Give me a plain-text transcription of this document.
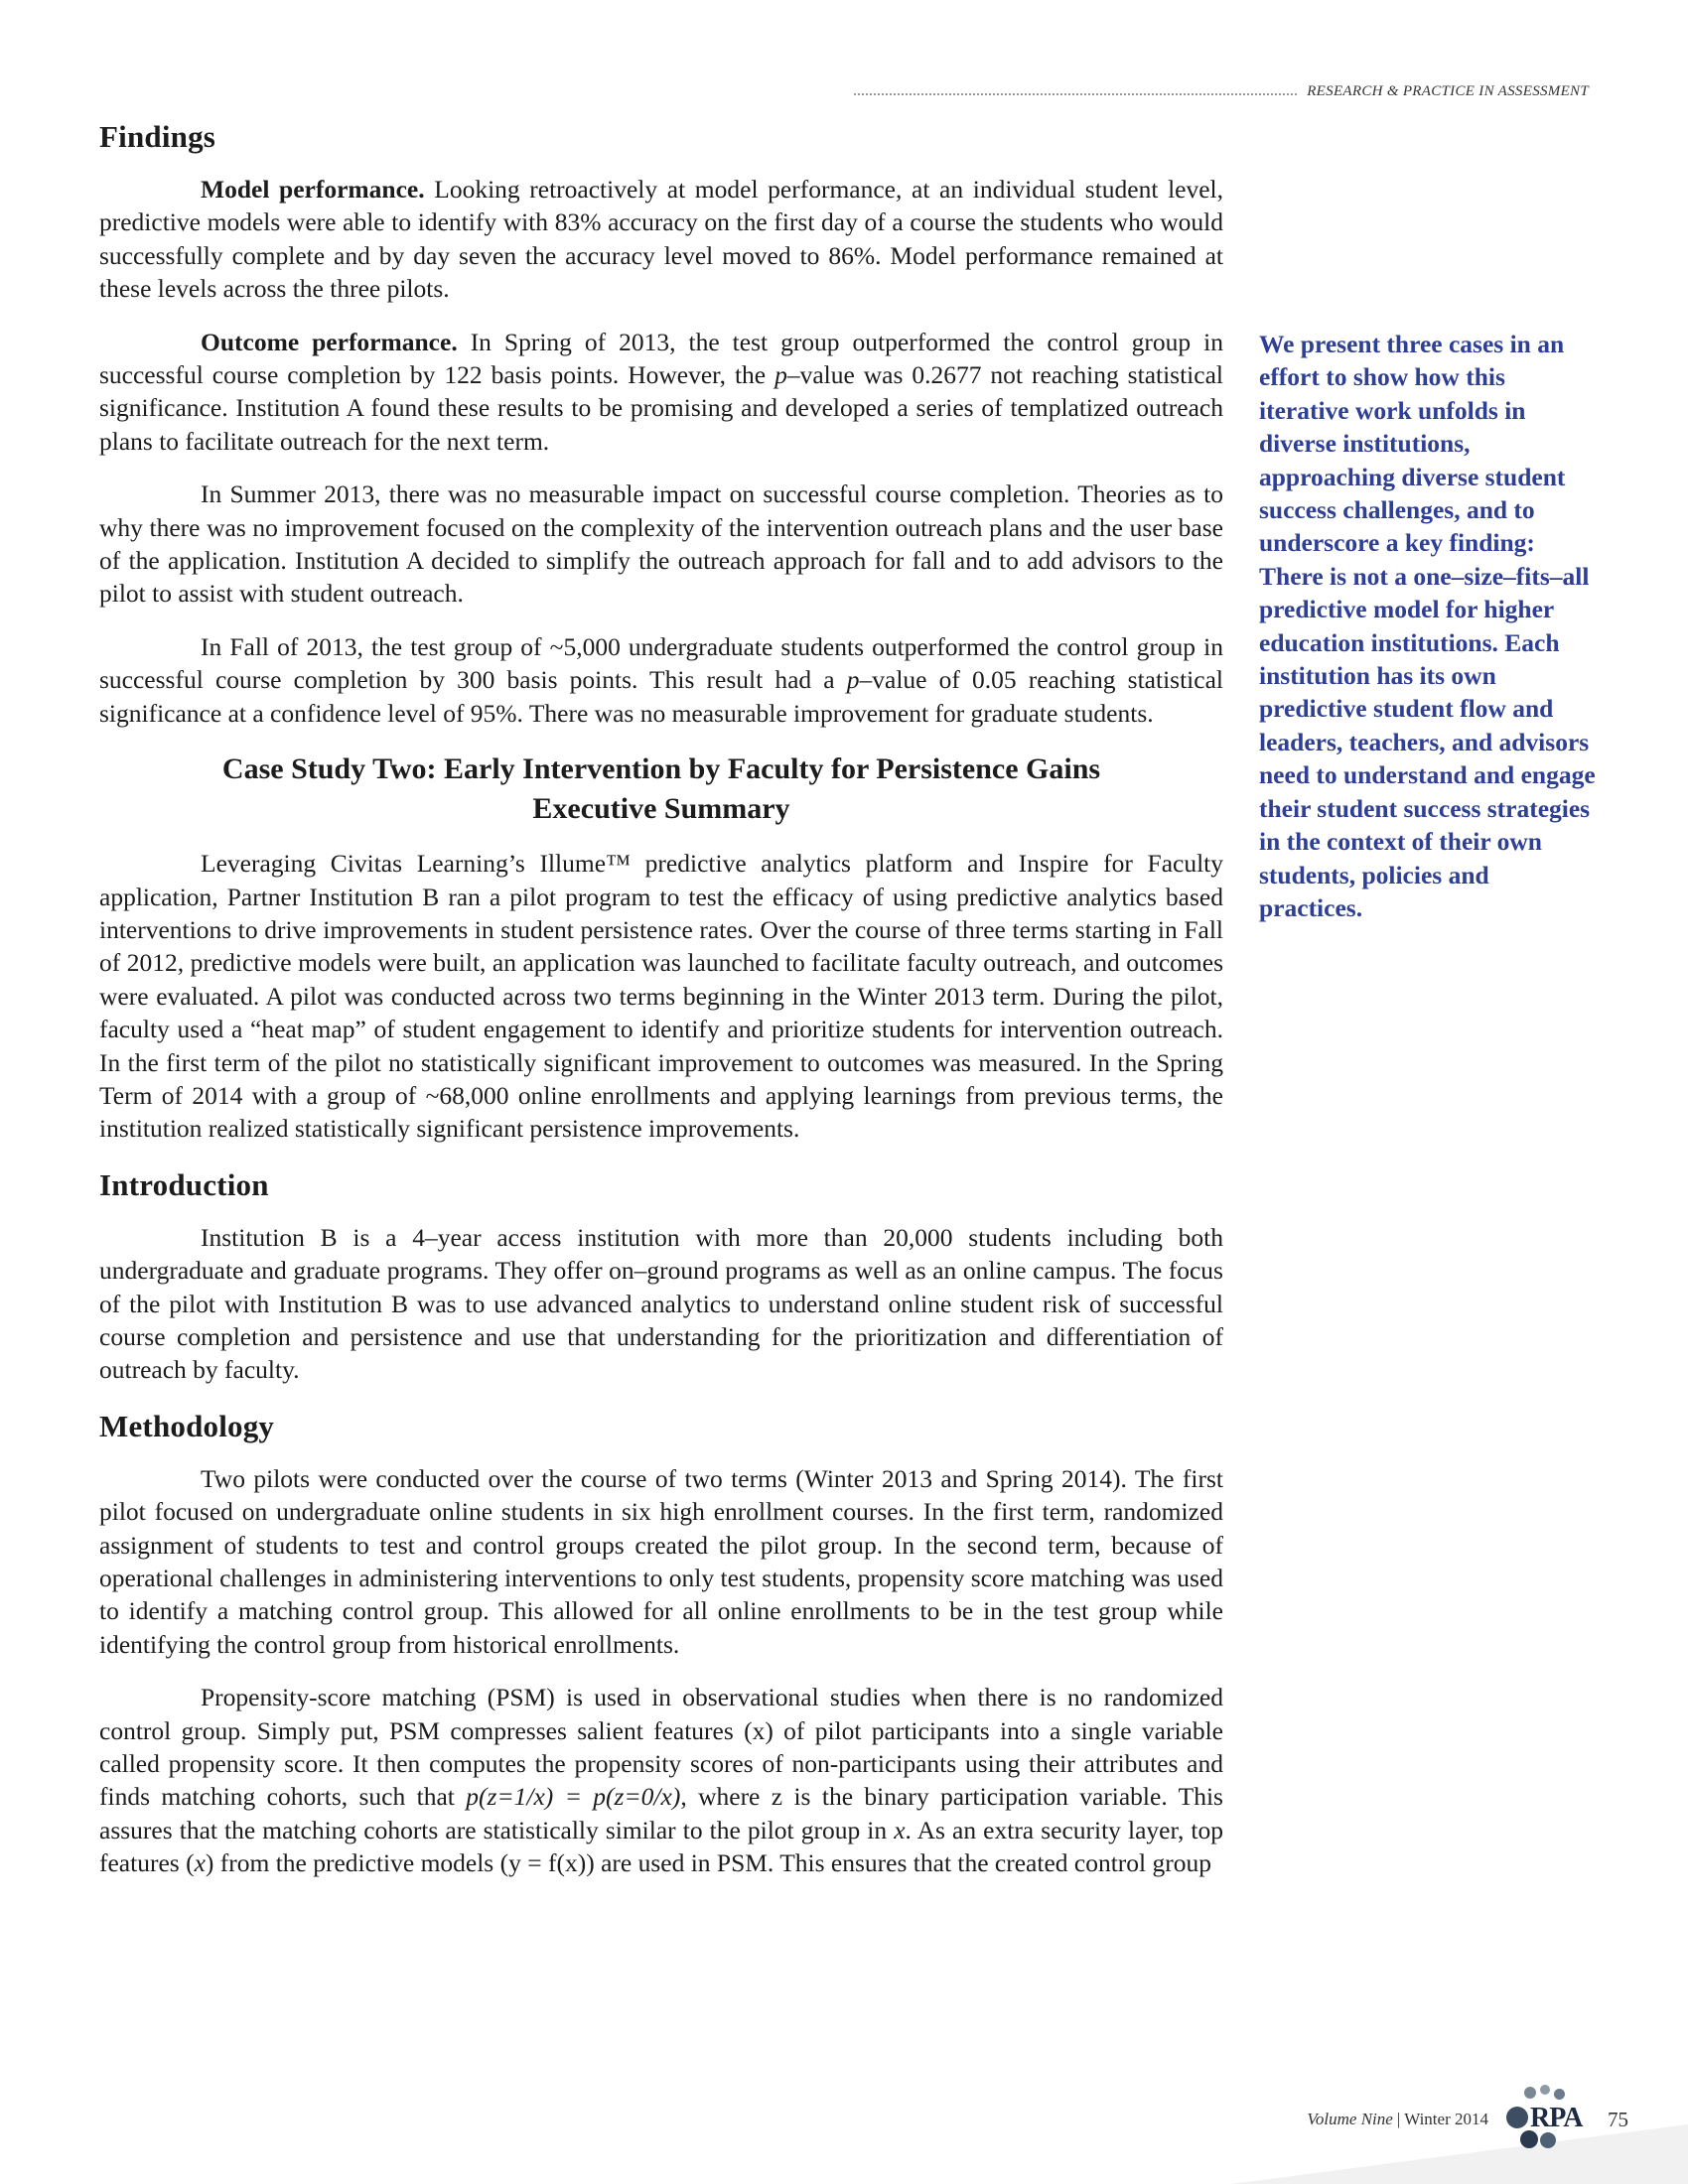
RESEARCH & PRACTICE IN ASSESSMENT
Findings

Model performance. Looking retroactively at model performance, at an individual student level, predictive models were able to identify with 83% accuracy on the first day of a course the students who would successfully complete and by day seven the accuracy level moved to 86%. Model performance remained at these levels across the three pilots.

Outcome performance. In Spring of 2013, the test group outperformed the control group in successful course completion by 122 basis points. However, the p–value was 0.2677 not reaching statistical significance. Institution A found these results to be promising and developed a series of templatized outreach plans to facilitate outreach for the next term.

In Summer 2013, there was no measurable impact on successful course completion. Theories as to why there was no improvement focused on the complexity of the intervention outreach plans and the user base of the application. Institution A decided to simplify the outreach approach for fall and to add advisors to the pilot to assist with student outreach.

In Fall of 2013, the test group of ~5,000 undergraduate students outperformed the control group in successful course completion by 300 basis points. This result had a p–value of 0.05 reaching statistical significance at a confidence level of 95%. There was no measurable improvement for graduate students.

Case Study Two: Early Intervention by Faculty for Persistence Gains
Executive Summary

Leveraging Civitas Learning’s Illume™ predictive analytics platform and Inspire for Faculty application, Partner Institution B ran a pilot program to test the efficacy of using predictive analytics based interventions to drive improvements in student persistence rates. Over the course of three terms starting in Fall of 2012, predictive models were built, an application was launched to facilitate faculty outreach, and outcomes were evaluated. A pilot was conducted across two terms beginning in the Winter 2013 term. During the pilot, faculty used a “heat map” of student engagement to identify and prioritize students for intervention outreach. In the first term of the pilot no statistically significant improvement to outcomes was measured. In the Spring Term of 2014 with a group of ~68,000 online enrollments and applying learnings from previous terms, the institution realized statistically significant persistence improvements.

Introduction

Institution B is a 4–year access institution with more than 20,000 students including both undergraduate and graduate programs. They offer on–ground programs as well as an online campus. The focus of the pilot with Institution B was to use advanced analytics to understand online student risk of successful course completion and persistence and use that understanding for the prioritization and differentiation of outreach by faculty.

Methodology

Two pilots were conducted over the course of two terms (Winter 2013 and Spring 2014). The first pilot focused on undergraduate online students in six high enrollment courses. In the first term, randomized assignment of students to test and control groups created the pilot group. In the second term, because of operational challenges in administering interventions to only test students, propensity score matching was used to identify a matching control group. This allowed for all online enrollments to be in the test group while identifying the control group from historical enrollments.

Propensity-score matching (PSM) is used in observational studies when there is no randomized control group. Simply put, PSM compresses salient features (x) of pilot participants into a single variable called propensity score. It then computes the propensity scores of non-participants using their attributes and finds matching cohorts, such that p(z=1/x) = p(z=0/x), where z is the binary participation variable. This assures that the matching cohorts are statistically similar to the pilot group in x. As an extra security layer, top features (x) from the predictive models (y = f(x)) are used in PSM. This ensures that the created control group

We present three cases in an effort to show how this iterative work unfolds in diverse institutions, approaching diverse student success challenges, and to underscore a key finding: There is not a one–size–fits–all predictive model for higher education institutions. Each institution has its own predictive student flow and leaders, teachers, and advisors need to understand and engage their student success strategies in the context of their own students, policies and practices.
Volume Nine | Winter 2014 RPA 75
